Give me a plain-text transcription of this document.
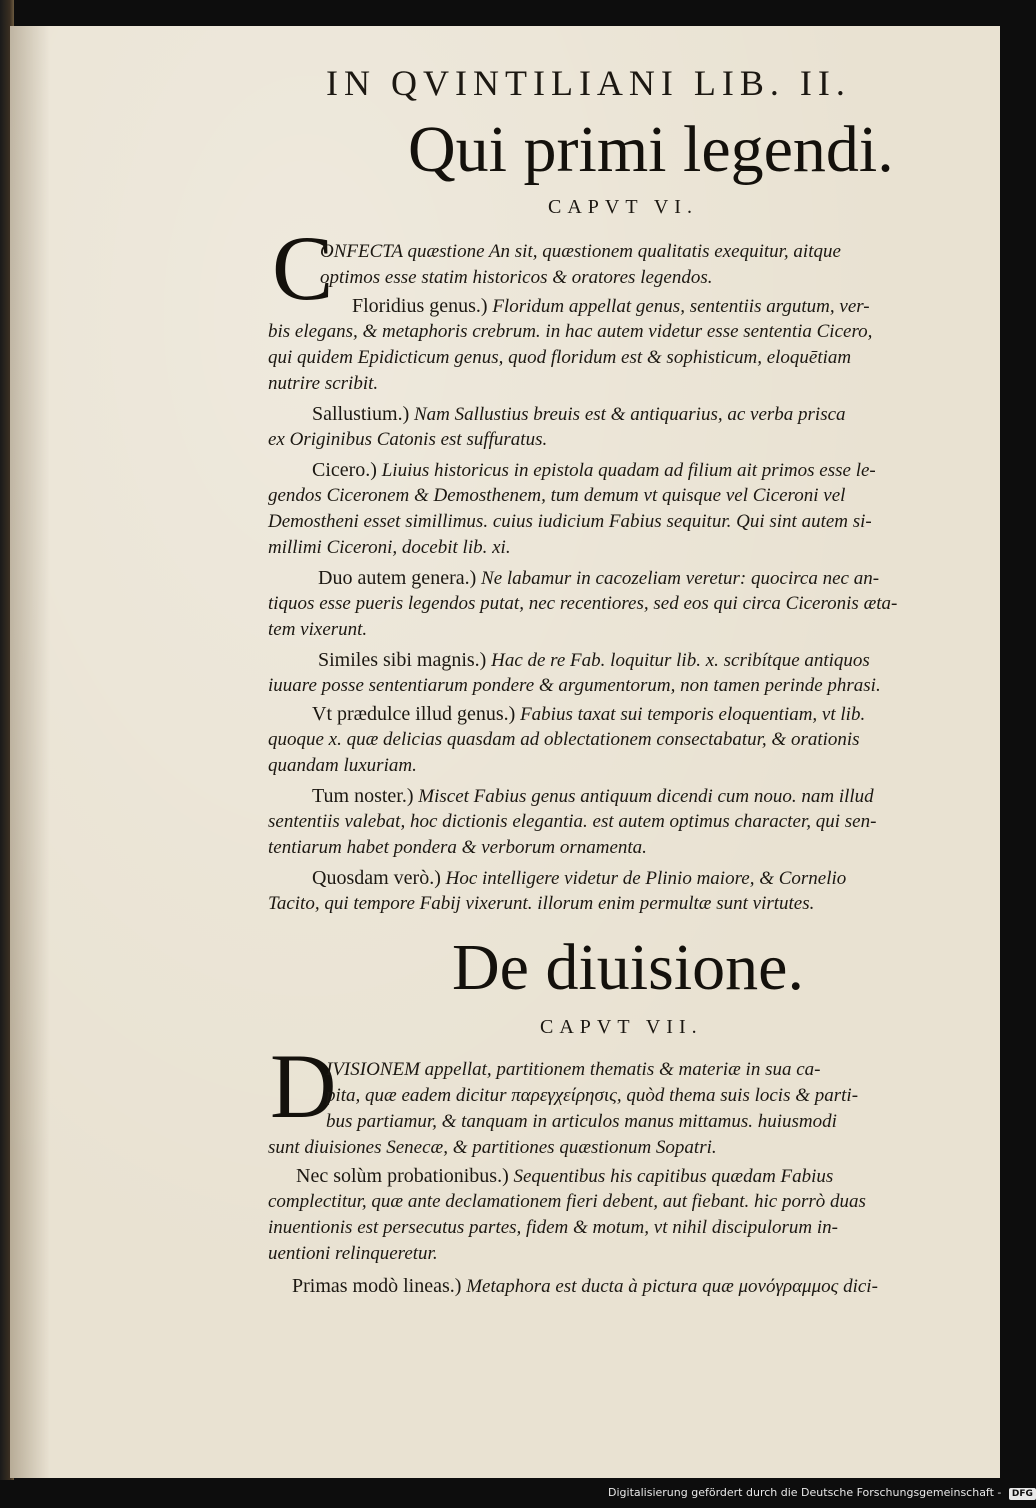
IN QVINTILIANI LIB. II.
Qui primi legendi.
CAPVT VI.
C
ONFECTA quæstione An sit, quæstionem qualitatis exequitur, aitque
optimos esse statim historicos & oratores legendos.
Floridius genus.) Floridum appellat genus, sententiis argutum, ver-
bis elegans, & metaphoris crebrum. in hac autem videtur esse sententia Cicero,
qui quidem Epidicticum genus, quod floridum est & sophisticum, eloquētiam
nutrire scribit.
Sallustium.) Nam Sallustius breuis est & antiquarius, ac verba prisca
ex Originibus Catonis est suffuratus.
Cicero.) Liuius historicus in epistola quadam ad filium ait primos esse le-
gendos Ciceronem & Demosthenem, tum demum vt quisque vel Ciceroni vel
Demostheni esset simillimus. cuius iudicium Fabius sequitur. Qui sint autem si-
millimi Ciceroni, docebit lib. xi.
Duo autem genera.) Ne labamur in cacozeliam veretur: quocirca nec an-
tiquos esse pueris legendos putat, nec recentiores, sed eos qui circa Ciceronis æta-
tem vixerunt.
Similes sibi magnis.) Hac de re Fab. loquitur lib. x. scribítque antiquos
iuuare posse sententiarum pondere & argumentorum, non tamen perinde phrasi.
Vt prædulce illud genus.) Fabius taxat sui temporis eloquentiam, vt lib.
quoque x. quæ delicias quasdam ad oblectationem consectabatur, & orationis
quandam luxuriam.
Tum noster.) Miscet Fabius genus antiquum dicendi cum nouo. nam illud
sententiis valebat, hoc dictionis elegantia. est autem optimus character, qui sen-
tentiarum habet pondera & verborum ornamenta.
Quosdam verò.) Hoc intelligere videtur de Plinio maiore, & Cornelio
Tacito, qui tempore Fabij vixerunt. illorum enim permultæ sunt virtutes.
De diuisione.
CAPVT VII.
D
IVISIONEM appellat, partitionem thematis & materiæ in sua ca-
pita, quæ eadem dicitur παρεγχείρησις, quòd thema suis locis & parti-
bus partiamur, & tanquam in articulos manus mittamus. huiusmodi
sunt diuisiones Senecæ, & partitiones quæstionum Sopatri.
Nec solùm probationibus.) Sequentibus his capitibus quædam Fabius
complectitur, quæ ante declamationem fieri debent, aut fiebant. hic porrò duas
inuentionis est persecutus partes, fidem & motum, vt nihil discipulorum in-
uentioni relinqueretur.
Primas modò lineas.) Metaphora est ducta à pictura quæ μονόγραμμος dici-
Digitalisierung gefördert durch die Deutsche Forschungsgemeinschaft - DFG
